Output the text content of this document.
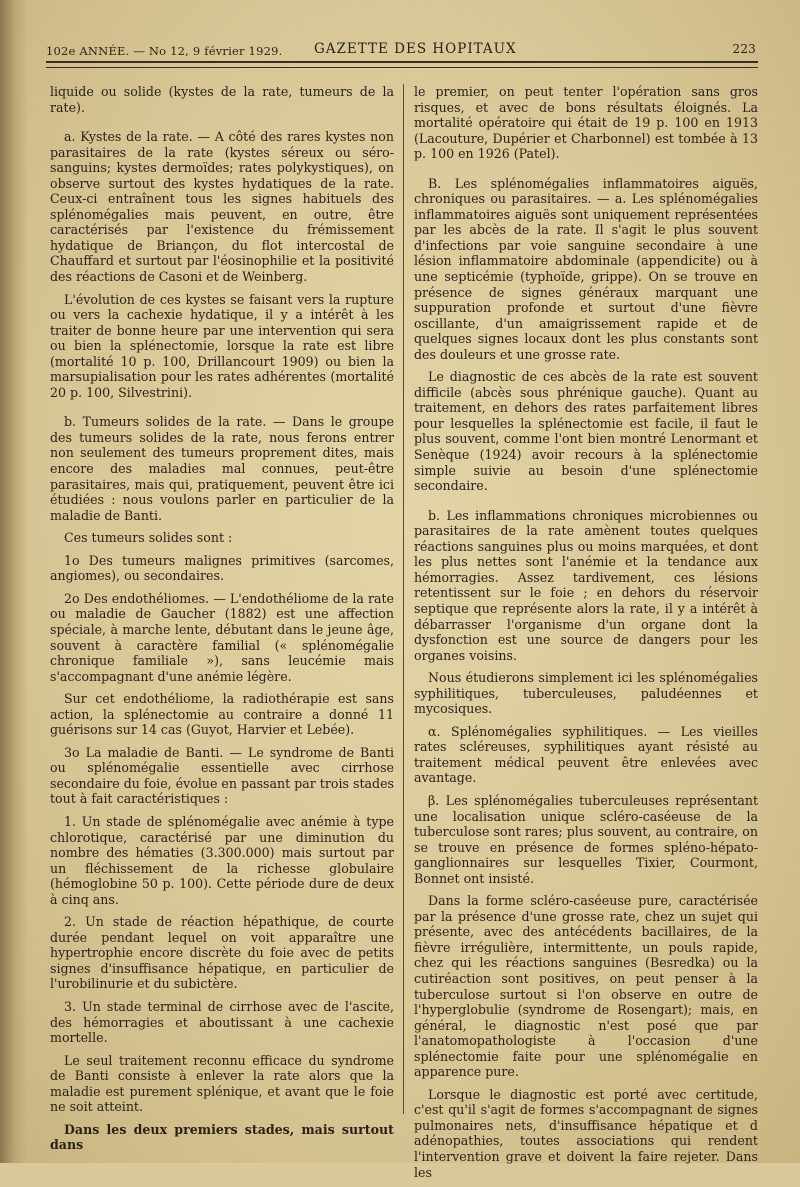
102e ANNÉE. — No 12, 9 février 1929. GAZETTE DES HOPITAUX	223

liquide ou solide (kystes de la rate, tumeurs de la rate).

a. Kystes de la rate. — A côté des rares kystes non parasitaires de la rate (kystes séreux ou séro-sanguins; kystes dermoïdes; rates polykystiques), on observe surtout des kystes hydatiques de la rate. Ceux-ci entraînent tous les signes habituels des splénomégalies mais peuvent, en outre, être caractérisés par l'existence du frémissement hydatique de Briançon, du flot intercostal de Chauffard et surtout par l'éosinophilie et la positivité des réactions de Casoni et de Weinberg.

L'évolution de ces kystes se faisant vers la rupture ou vers la cachexie hydatique, il y a intérêt à les traiter de bonne heure par une intervention qui sera ou bien la splénectomie, lorsque la rate est libre (mortalité 10 p. 100, Drillancourt 1909) ou bien la marsupialisation pour les rates adhérentes (mortalité 20 p. 100, Silvestrini).

b. Tumeurs solides de la rate. — Dans le groupe des tumeurs solides de la rate, nous ferons entrer non seulement des tumeurs proprement dites, mais encore des maladies mal connues, peut-être parasitaires, mais qui, pratiquement, peuvent être ici étudiées : nous voulons parler en particulier de la maladie de Banti.

Ces tumeurs solides sont :

1o Des tumeurs malignes primitives (sarcomes, angiomes), ou secondaires.

2o Des endothéliomes. — L'endothéliome de la rate ou maladie de Gaucher (1882) est une affection spéciale, à marche lente, débutant dans le jeune âge, souvent à caractère familial (« splénomégalie chronique familiale »), sans leucémie mais s'accompagnant d'une anémie légère.

Sur cet endothéliome, la radiothérapie est sans action, la splénectomie au contraire a donné 11 guérisons sur 14 cas (Guyot, Harvier et Lebée).

3o La maladie de Banti. — Le syndrome de Banti ou splénomégalie essentielle avec cirrhose secondaire du foie, évolue en passant par trois stades tout à fait caractéristiques :

1. Un stade de splénomégalie avec anémie à type chlorotique, caractérisé par une diminution du nombre des hématies (3.300.000) mais surtout par un fléchissement de la richesse globulaire (hémoglobine 50 p. 100). Cette période dure de deux à cinq ans.

2. Un stade de réaction hépathique, de courte durée pendant lequel on voit apparaître une hypertrophie encore discrète du foie avec de petits signes d'insuffisance hépatique, en particulier de l'urobilinurie et du subictère.

3. Un stade terminal de cirrhose avec de l'ascite, des hémorragies et aboutissant à une cachexie mortelle.

Le seul traitement reconnu efficace du syndrome de Banti consiste à enlever la rate alors que la maladie est purement splénique, et avant que le foie ne soit atteint.

Dans les deux premiers stades, mais surtout dans

le premier, on peut tenter l'opération sans gros risques, et avec de bons résultats éloignés. La mortalité opératoire qui était de 19 p. 100 en 1913 (Lacouture, Dupérier et Charbonnel) est tombée à 13 p. 100 en 1926 (Patel).

B. Les splénomégalies inflammatoires aiguës, chroniques ou parasitaires. — a. Les splénomégalies inflammatoires aiguës sont uniquement représentées par les abcès de la rate. Il s'agit le plus souvent d'infections par voie sanguine secondaire à une lésion inflammatoire abdominale (appendicite) ou à une septicémie (typhoïde, grippe). On se trouve en présence de signes généraux marquant une suppuration profonde et surtout d'une fièvre oscillante, d'un amaigrissement rapide et de quelques signes locaux dont les plus constants sont des douleurs et une grosse rate.

Le diagnostic de ces abcès de la rate est souvent difficile (abcès sous phrénique gauche). Quant au traitement, en dehors des rates parfaitement libres pour lesquelles la splénectomie est facile, il faut le plus souvent, comme l'ont bien montré Lenormant et Senèque (1924) avoir recours à la splénectomie simple suivie au besoin d'une splénectomie secondaire.

b. Les inflammations chroniques microbiennes ou parasitaires de la rate amènent toutes quelques réactions sanguines plus ou moins marquées, et dont les plus nettes sont l'anémie et la tendance aux hémorragies. Assez tardivement, ces lésions retentissent sur le foie ; en dehors du réservoir septique que représente alors la rate, il y a intérêt à débarrasser l'organisme d'un organe dont la dysfonction est une source de dangers pour les organes voisins.

Nous étudierons simplement ici les splénomégalies syphilitiques, tuberculeuses, paludéennes et mycosiques.

α. Splénomégalies syphilitiques. — Les vieilles rates scléreuses, syphilitiques ayant résisté au traitement médical peuvent être enlevées avec avantage.

β. Les splénomégalies tuberculeuses représentant une localisation unique scléro-caséeuse de la tuberculose sont rares; plus souvent, au contraire, on se trouve en présence de formes spléno-hépato-ganglionnaires sur lesquelles Tixier, Courmont, Bonnet ont insisté.

Dans la forme scléro-caséeuse pure, caractérisée par la présence d'une grosse rate, chez un sujet qui présente, avec des antécédents bacillaires, de la fièvre irrégulière, intermittente, un pouls rapide, chez qui les réactions sanguines (Besredka) ou la cutiréaction sont positives, on peut penser à la tuberculose surtout si l'on observe en outre de l'hyperglobulie (syndrome de Rosengart); mais, en général, le diagnostic n'est posé que par l'anatomopathologiste à l'occasion d'une splénectomie faite pour une splénomégalie en apparence pure.

Lorsque le diagnostic est porté avec certitude, c'est qu'il s'agit de formes s'accompagnant de signes pulmonaires nets, d'insuffisance hépatique et d adénopathies, toutes associations qui rendent l'intervention grave et doivent la faire rejeter. Dans les
